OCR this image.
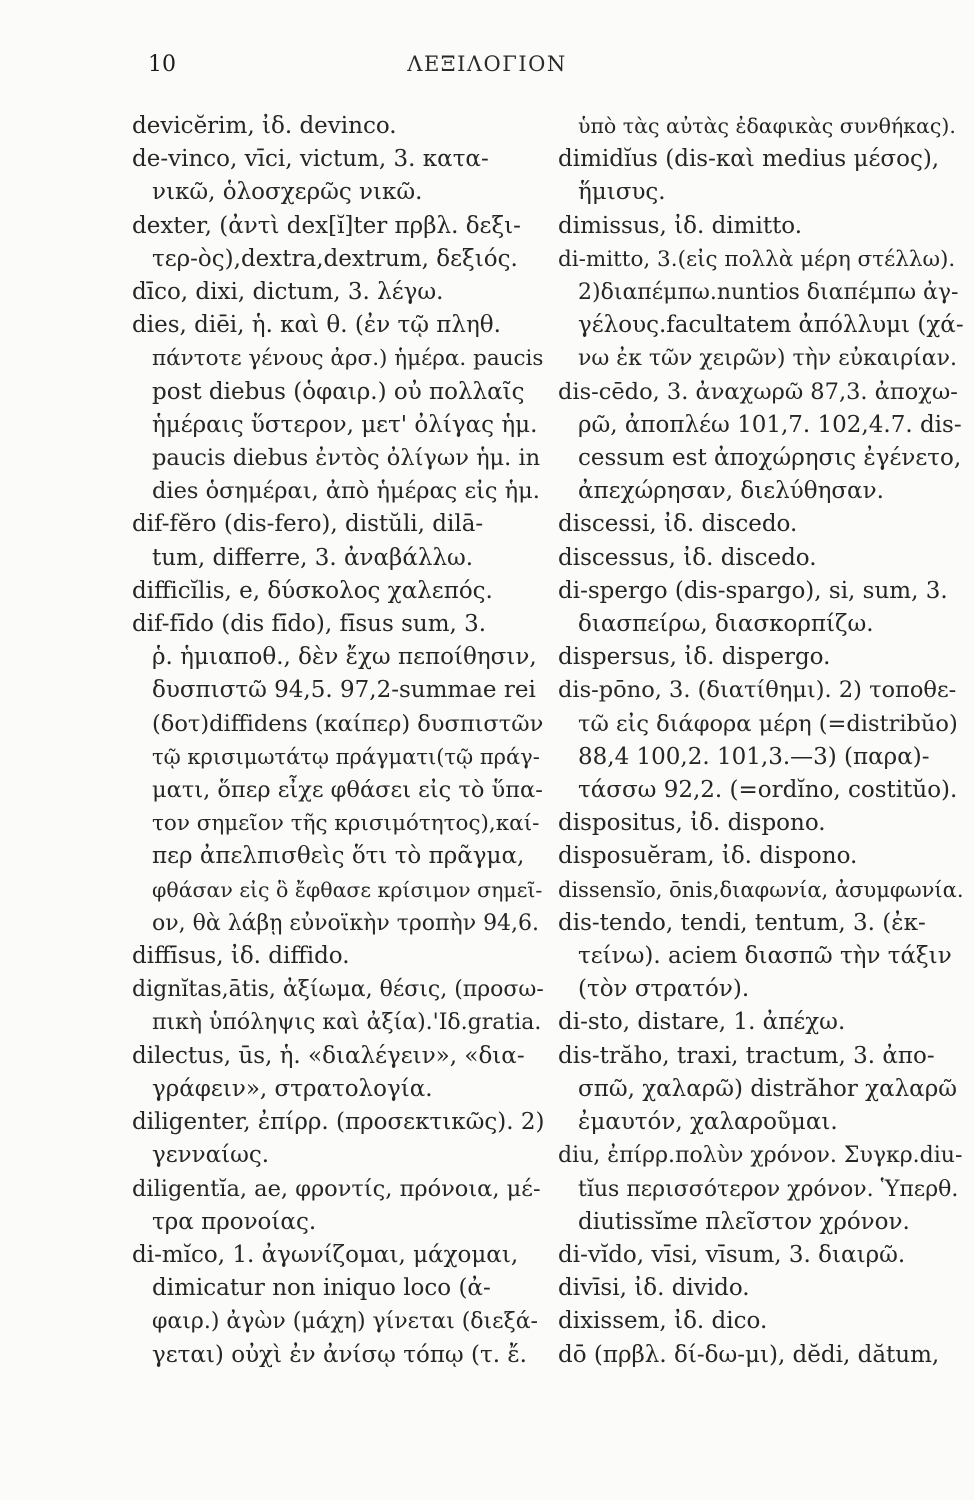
10	ΛΕΞΙΛΟΓΙΟΝ
devicĕrim, ἰδ. devinco.
de-vinco, vīci, victum, 3. κατα-
νικῶ, ὁλοσχερῶς νικῶ.
dexter, (ἀντὶ dex[ĭ]ter πρβλ. δεξι-
τερ-ὸς),dextra,dextrum, δεξιός.
dīco, dixi, dictum, 3. λέγω.
dies, diēi, ἡ. καὶ θ. (ἐν τῷ πληθ.
πάντοτε γένους ἀρσ.) ἡμέρα. paucis
post diebus (ὁφαιρ.) οὐ πολλαῖς
ἡμέραις ὕστερον, μετ' ὀλίγας ἡμ.
paucis diebus ἐντὸς ὀλίγων ἡμ. in
dies ὁσημέραι, ἀπὸ ἡμέρας εἰς ἡμ.
dif-fĕro (dis-fero), distŭli, dilā-
tum, differre, 3. ἀναβάλλω.
difficĭlis, e, δύσκολος χαλεπός.
dif-fīdo (dis fīdo), fīsus sum, 3.
ῥ. ἡμιαποθ., δὲν ἔχω πεποίθησιν,
δυσπιστῶ 94,5. 97,2-summae rei
(δοτ)diffidens (καίπερ) δυσπιστῶν
τῷ κρισιμωτάτῳ πράγματι(τῷ πράγ-
ματι, ὅπερ εἶχε φθάσει εἰς τὸ ὕπα-
τον σημεῖον τῆς κρισιμότητος),καί-
περ ἀπελπισθεὶς ὅτι τὸ πρᾶγμα,
φθάσαν εἰς ὃ ἔφθασε κρίσιμον σημεῖ-
ον, θὰ λάβῃ εὐνοϊκὴν τροπὴν 94,6.
diffīsus, ἰδ. diffido.
dignĭtas,ātis, ἀξίωμα, θέσις, (προσω-
πικὴ ὑπόληψις καὶ ἀξία).'Ιδ.gratia.
dilectus, ūs, ἡ. «διαλέγειν», «δια-
γράφειν», στρατολογία.
diligenter, ἐπίρρ. (προσεκτικῶς). 2)
γενναίως.
diligentĭa, ae, φροντίς, πρόνοια, μέ-
τρα προνοίας.
di-mĭco, 1. ἀγωνίζομαι, μάχομαι,
dimicatur non iniquo loco (ἀ-
φαιρ.) ἀγὼν (μάχη) γίνεται (διεξά-
γεται) οὐχὶ ἐν ἀνίσῳ τόπῳ (τ. ἔ.
ὑπὸ τὰς αὐτὰς ἐδαφικὰς συνθήκας).
dimidĭus (dis-καὶ medius μέσος),
ἥμισυς.
dimissus, ἰδ. dimitto.
di-mitto, 3.(εἰς πολλὰ μέρη στέλλω).
2)διαπέμπω.nuntios διαπέμπω ἀγ-
γέλους.facultatem ἀπόλλυμι (χά-
νω ἐκ τῶν χειρῶν) τὴν εὐκαιρίαν.
dis-cēdo, 3. ἀναχωρῶ 87,3. ἀποχω-
ρῶ, ἀποπλέω 101,7. 102,4.7. dis-
cessum est ἀποχώρησις ἐγένετο,
ἀπεχώρησαν, διελύθησαν.
discessi, ἰδ. discedo.
discessus, ἰδ. discedo.
di-spergo (dis-spargo), si, sum, 3.
διασπείρω, διασκορπίζω.
dispersus, ἰδ. dispergo.
dis-pōno, 3. (διατίθημι). 2) τοποθε-
τῶ εἰς διάφορα μέρη (=distribŭo)
88,4 100,2. 101,3.—3) (παρα)-
τάσσω 92,2. (=ordĭno, costitŭo).
dispositus, ἰδ. dispono.
disposuĕram, ἰδ. dispono.
dissensĭo, ōnis,διαφωνία, ἀσυμφωνία.
dis-tendo, tendi, tentum, 3. (ἐκ-
τείνω). aciem διασπῶ τὴν τάξιν
(τὸν στρατόν).
di-sto, distare, 1. ἀπέχω.
dis-trăho, traxi, tractum, 3. ἀπο-
σπῶ, χαλαρῶ) distrăhor χαλαρῶ
ἐμαυτόν, χαλαροῦμαι.
diu, ἐπίρρ.πολὺν χρόνον. Συγκρ.diu-
tĭus περισσότερον χρόνον. Ὑπερθ.
diutissĭme πλεῖστον χρόνον.
di-vĭdo, vīsi, vīsum, 3. διαιρῶ.
divīsi, ἰδ. divido.
dixissem, ἰδ. dico.
dō (πρβλ. δί-δω-μι), dĕdi, dătum,
